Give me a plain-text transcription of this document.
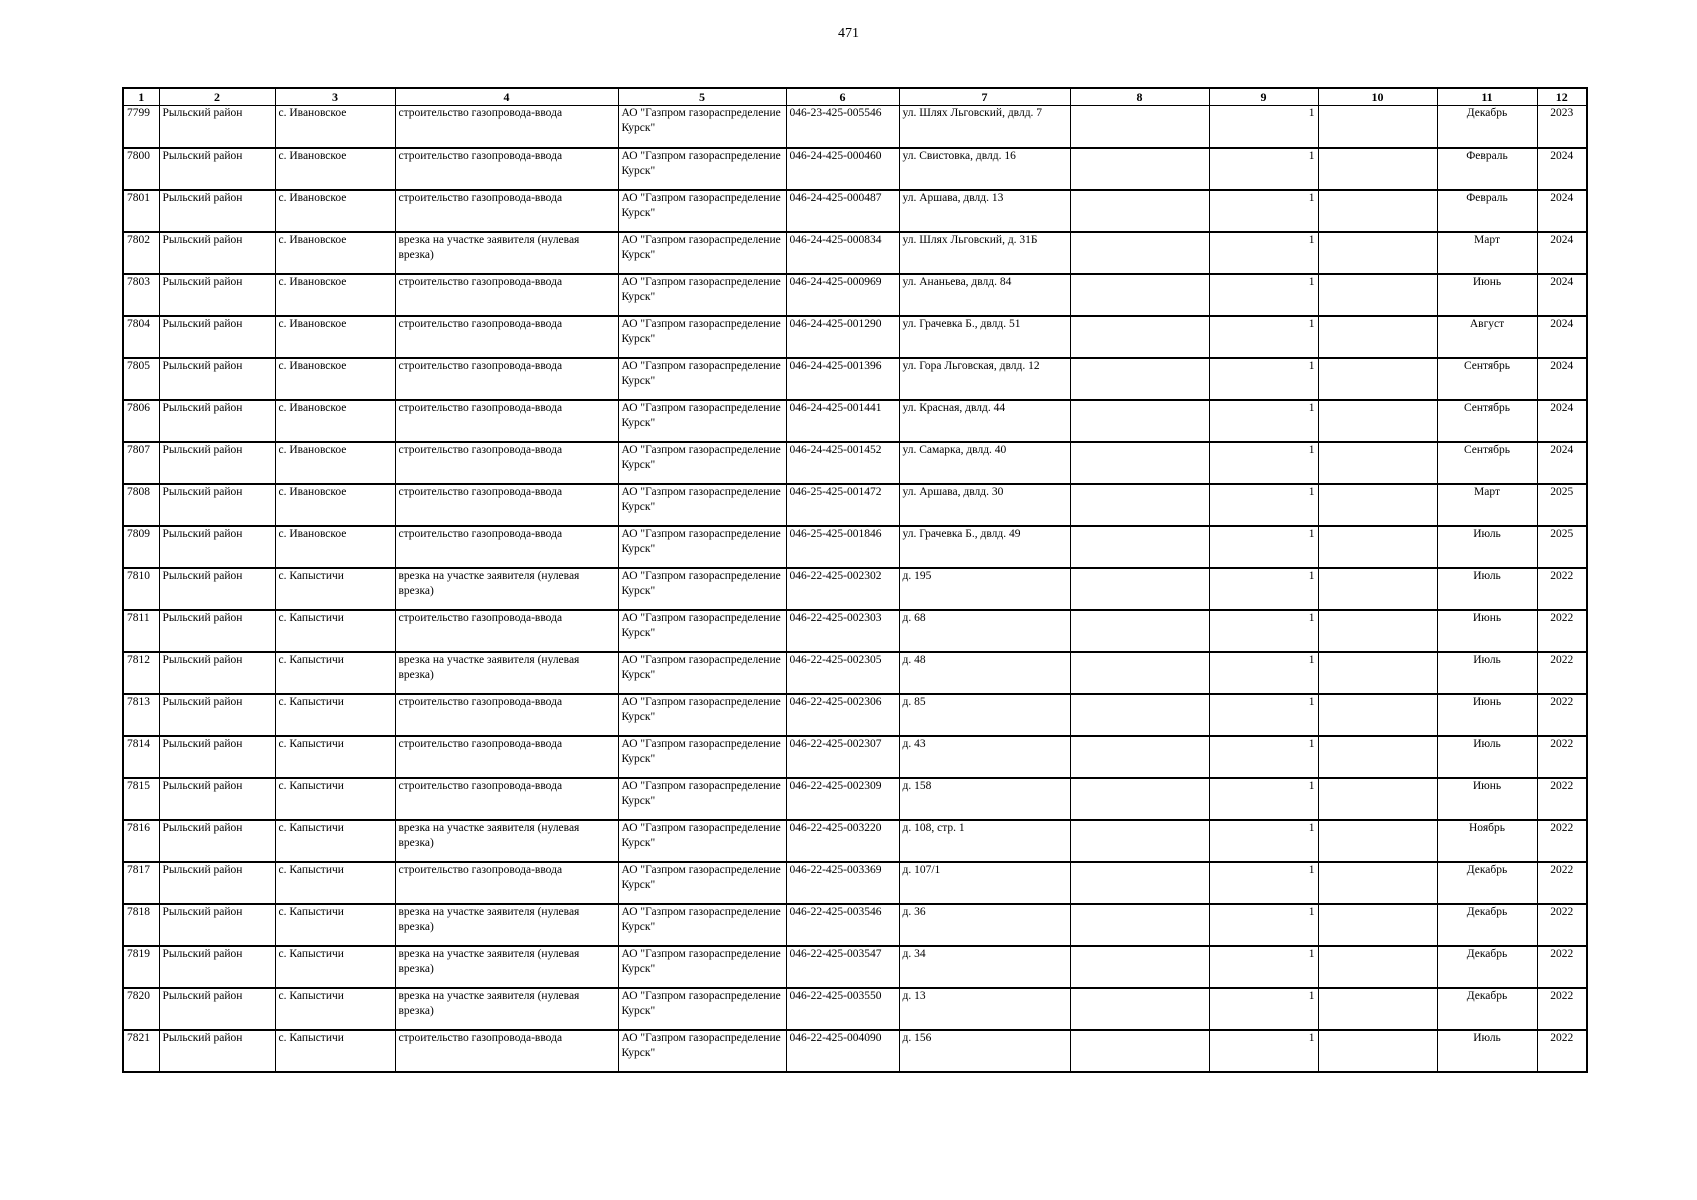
471
1	2	3	4	5	6	7	8	9	10	11	12
7799	Рыльский район	с. Ивановское	строительство газопровода-ввода	АО "Газпром газораспределение Курск"	046-23-425-005546	ул. Шлях Льговский, двлд. 7		1		Декабрь	2023
7800	Рыльский район	с. Ивановское	строительство газопровода-ввода	АО "Газпром газораспределение Курск"	046-24-425-000460	ул. Свистовка, двлд. 16		1		Февраль	2024
7801	Рыльский район	с. Ивановское	строительство газопровода-ввода	АО "Газпром газораспределение Курск"	046-24-425-000487	ул. Аршава, двлд. 13		1		Февраль	2024
7802	Рыльский район	с. Ивановское	врезка на участке заявителя (нулевая врезка)	АО "Газпром газораспределение Курск"	046-24-425-000834	ул. Шлях Льговский, д. 31Б		1		Март	2024
7803	Рыльский район	с. Ивановское	строительство газопровода-ввода	АО "Газпром газораспределение Курск"	046-24-425-000969	ул. Ананьева, двлд. 84		1		Июнь	2024
7804	Рыльский район	с. Ивановское	строительство газопровода-ввода	АО "Газпром газораспределение Курск"	046-24-425-001290	ул. Грачевка Б., двлд. 51		1		Август	2024
7805	Рыльский район	с. Ивановское	строительство газопровода-ввода	АО "Газпром газораспределение Курск"	046-24-425-001396	ул. Гора Льговская, двлд. 12		1		Сентябрь	2024
7806	Рыльский район	с. Ивановское	строительство газопровода-ввода	АО "Газпром газораспределение Курск"	046-24-425-001441	ул. Красная, двлд. 44		1		Сентябрь	2024
7807	Рыльский район	с. Ивановское	строительство газопровода-ввода	АО "Газпром газораспределение Курск"	046-24-425-001452	ул. Самарка, двлд. 40		1		Сентябрь	2024
7808	Рыльский район	с. Ивановское	строительство газопровода-ввода	АО "Газпром газораспределение Курск"	046-25-425-001472	ул. Аршава, двлд. 30		1		Март	2025
7809	Рыльский район	с. Ивановское	строительство газопровода-ввода	АО "Газпром газораспределение Курск"	046-25-425-001846	ул. Грачевка Б., двлд. 49		1		Июль	2025
7810	Рыльский район	с. Капыстичи	врезка на участке заявителя (нулевая врезка)	АО "Газпром газораспределение Курск"	046-22-425-002302	д. 195		1		Июль	2022
7811	Рыльский район	с. Капыстичи	строительство газопровода-ввода	АО "Газпром газораспределение Курск"	046-22-425-002303	д. 68		1		Июнь	2022
7812	Рыльский район	с. Капыстичи	врезка на участке заявителя (нулевая врезка)	АО "Газпром газораспределение Курск"	046-22-425-002305	д. 48		1		Июль	2022
7813	Рыльский район	с. Капыстичи	строительство газопровода-ввода	АО "Газпром газораспределение Курск"	046-22-425-002306	д. 85		1		Июнь	2022
7814	Рыльский район	с. Капыстичи	строительство газопровода-ввода	АО "Газпром газораспределение Курск"	046-22-425-002307	д. 43		1		Июль	2022
7815	Рыльский район	с. Капыстичи	строительство газопровода-ввода	АО "Газпром газораспределение Курск"	046-22-425-002309	д. 158		1		Июнь	2022
7816	Рыльский район	с. Капыстичи	врезка на участке заявителя (нулевая врезка)	АО "Газпром газораспределение Курск"	046-22-425-003220	д. 108, стр. 1		1		Ноябрь	2022
7817	Рыльский район	с. Капыстичи	строительство газопровода-ввода	АО "Газпром газораспределение Курск"	046-22-425-003369	д. 107/1		1		Декабрь	2022
7818	Рыльский район	с. Капыстичи	врезка на участке заявителя (нулевая врезка)	АО "Газпром газораспределение Курск"	046-22-425-003546	д. 36		1		Декабрь	2022
7819	Рыльский район	с. Капыстичи	врезка на участке заявителя (нулевая врезка)	АО "Газпром газораспределение Курск"	046-22-425-003547	д. 34		1		Декабрь	2022
7820	Рыльский район	с. Капыстичи	врезка на участке заявителя (нулевая врезка)	АО "Газпром газораспределение Курск"	046-22-425-003550	д. 13		1		Декабрь	2022
7821	Рыльский район	с. Капыстичи	строительство газопровода-ввода	АО "Газпром газораспределение Курск"	046-22-425-004090	д. 156		1		Июль	2022
